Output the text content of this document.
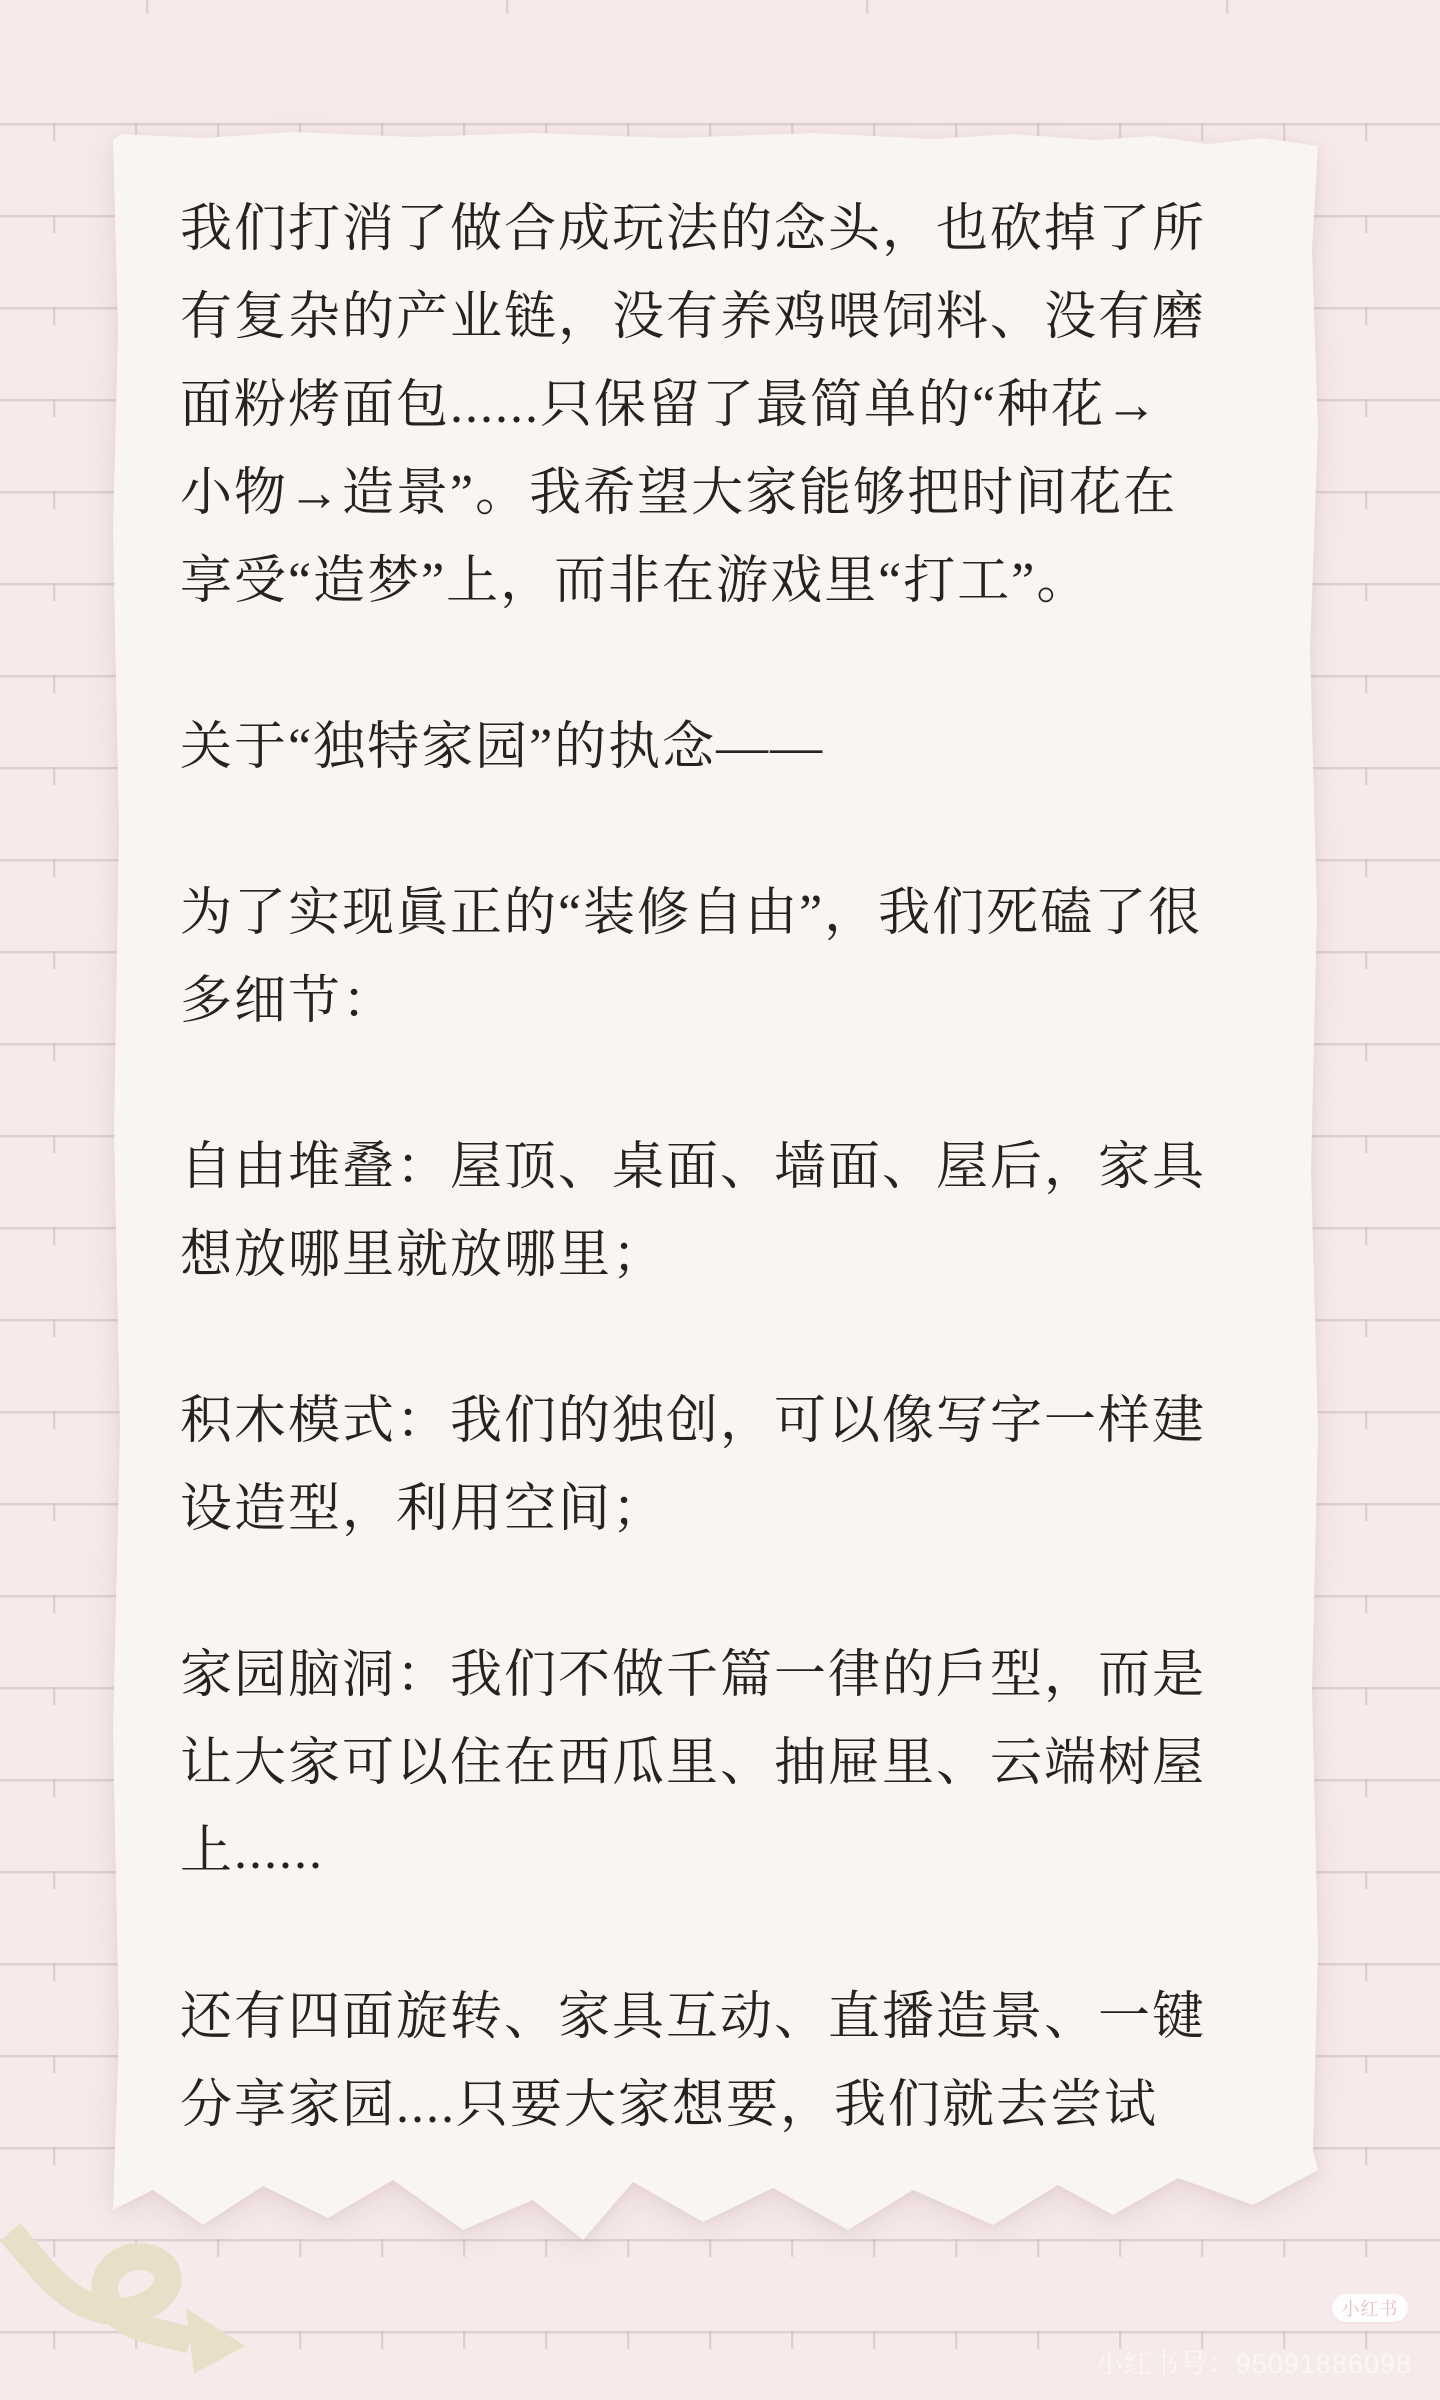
我们打消了做合成玩法的念头，也砍掉了所
有复杂的产业链，没有养鸡喂饲料、没有磨
面粉烤面包......只保留了最简单的“种花→
小物→造景”。我希望大家能够把时间花在
享受“造梦”上，而非在游戏里“打工”。

关于“独特家园”的执念——

为了实现眞正的“装修自由”，我们死磕了很
多细节：

自由堆叠：屋顶、桌面、墙面、屋后，家具
想放哪里就放哪里；

积木模式：我们的独创，可以像写字一样建
设造型，利用空间；

家园脑洞：我们不做千篇一律的戶型，而是
让大家可以住在西瓜里、抽屉里、云端树屋
上......

还有四面旋转、家具互动、直播造景、一键
分享家园....只要大家想要，我们就去尝试

小红书
小红书号：95091886098
